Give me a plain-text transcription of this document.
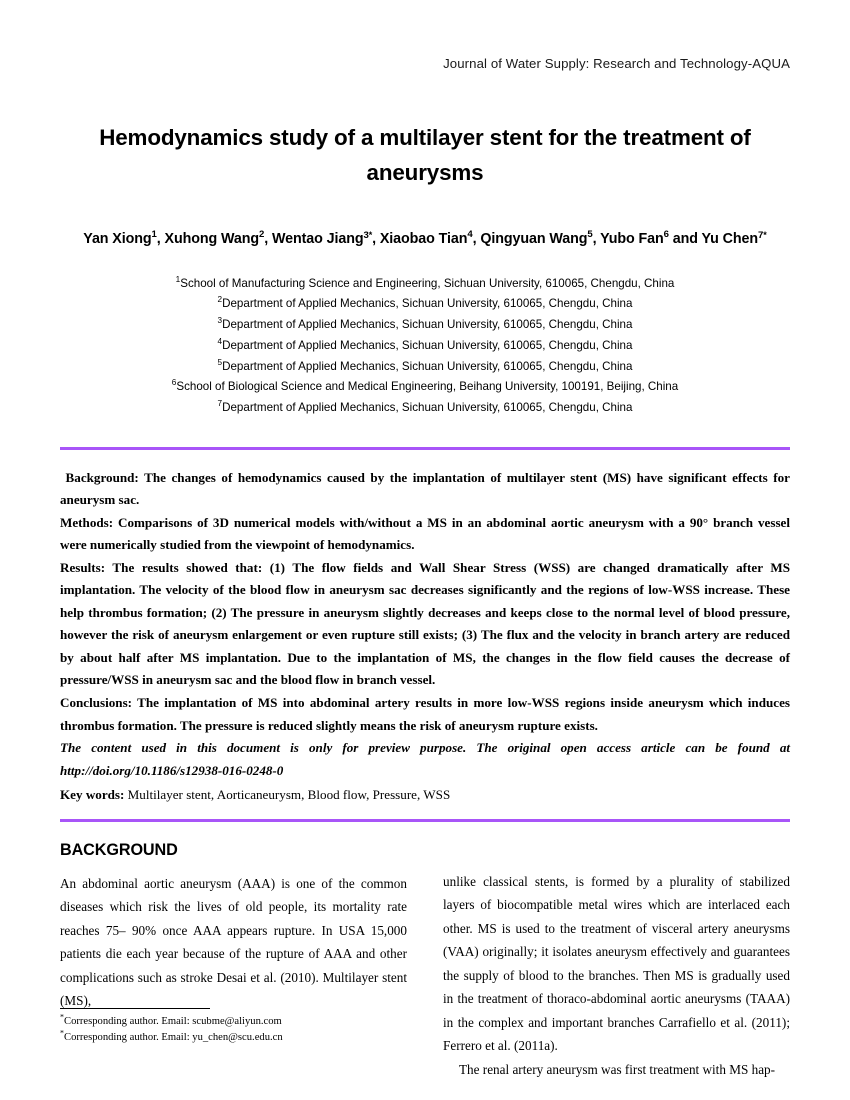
Journal of Water Supply: Research and Technology-AQUA
Hemodynamics study of a multilayer stent for the treatment of aneurysms
Yan Xiong$^1$, Xuhong Wang$^2$, Wentao Jiang$^{3*}$, Xiaobao Tian$^4$, Qingyuan Wang$^5$, Yubo Fan$^6$ and Yu Chen$^{7*}$
$^1$School of Manufacturing Science and Engineering, Sichuan University, 610065, Chengdu, China
$^2$Department of Applied Mechanics, Sichuan University, 610065, Chengdu, China
$^3$Department of Applied Mechanics, Sichuan University, 610065, Chengdu, China
$^4$Department of Applied Mechanics, Sichuan University, 610065, Chengdu, China
$^5$Department of Applied Mechanics, Sichuan University, 610065, Chengdu, China
$^6$School of Biological Science and Medical Engineering, Beihang University, 100191, Beijing, China
$^7$Department of Applied Mechanics, Sichuan University, 610065, Chengdu, China

Background: The changes of hemodynamics caused by the implantation of multilayer stent (MS) have significant effects for aneurysm sac.

Methods: Comparisons of 3D numerical models with/without a MS in an abdominal aortic aneurysm with a 90° branch vessel were numerically studied from the viewpoint of hemodynamics.

Results: The results showed that: (1) The flow fields and Wall Shear Stress (WSS) are changed dramatically after MS implantation. The velocity of the blood flow in aneurysm sac decreases significantly and the regions of low-WSS increase. These help thrombus formation; (2) The pressure in aneurysm slightly decreases and keeps close to the normal level of blood pressure, however the risk of aneurysm enlargement or even rupture still exists; (3) The flux and the velocity in branch artery are reduced by about half after MS implantation. Due to the implantation of MS, the changes in the flow field causes the decrease of pressure/WSS in aneurysm sac and the blood flow in branch vessel.

Conclusions: The implantation of MS into abdominal artery results in more low-WSS regions inside aneurysm which induces thrombus formation. The pressure is reduced slightly means the risk of aneurysm rupture exists.

The content used in this document is only for preview purpose. The original open access article can be found at http://doi.org/10.1186/s12938-016-0248-0

Key words: Multilayer stent, Aorticaneurysm, Blood flow, Pressure, WSS
BACKGROUND

An abdominal aortic aneurysm (AAA) is one of the common diseases which risk the lives of old people, its mortality rate reaches 75– 90% once AAA appears rupture. In USA 15,000 patients die each year because of the rupture of AAA and other complications such as stroke Desai et al. (2010). Multilayer stent (MS),

unlike classical stents, is formed by a plurality of stabilized layers of biocompatible metal wires which are interlaced each other. MS is used to the treatment of visceral artery aneurysms (VAA) originally; it isolates aneurysm effectively and guarantees the supply of blood to the branches. Then MS is gradually used in the treatment of thoraco-abdominal aortic aneurysms (TAAA) in the complex and important branches Carrafiello et al. (2011); Ferrero et al. (2011a).

The renal artery aneurysm was first treatment with MS hap-

*Corresponding author. Email: scubme@aliyun.com

*Corresponding author. Email: yu_chen@scu.edu.cn
